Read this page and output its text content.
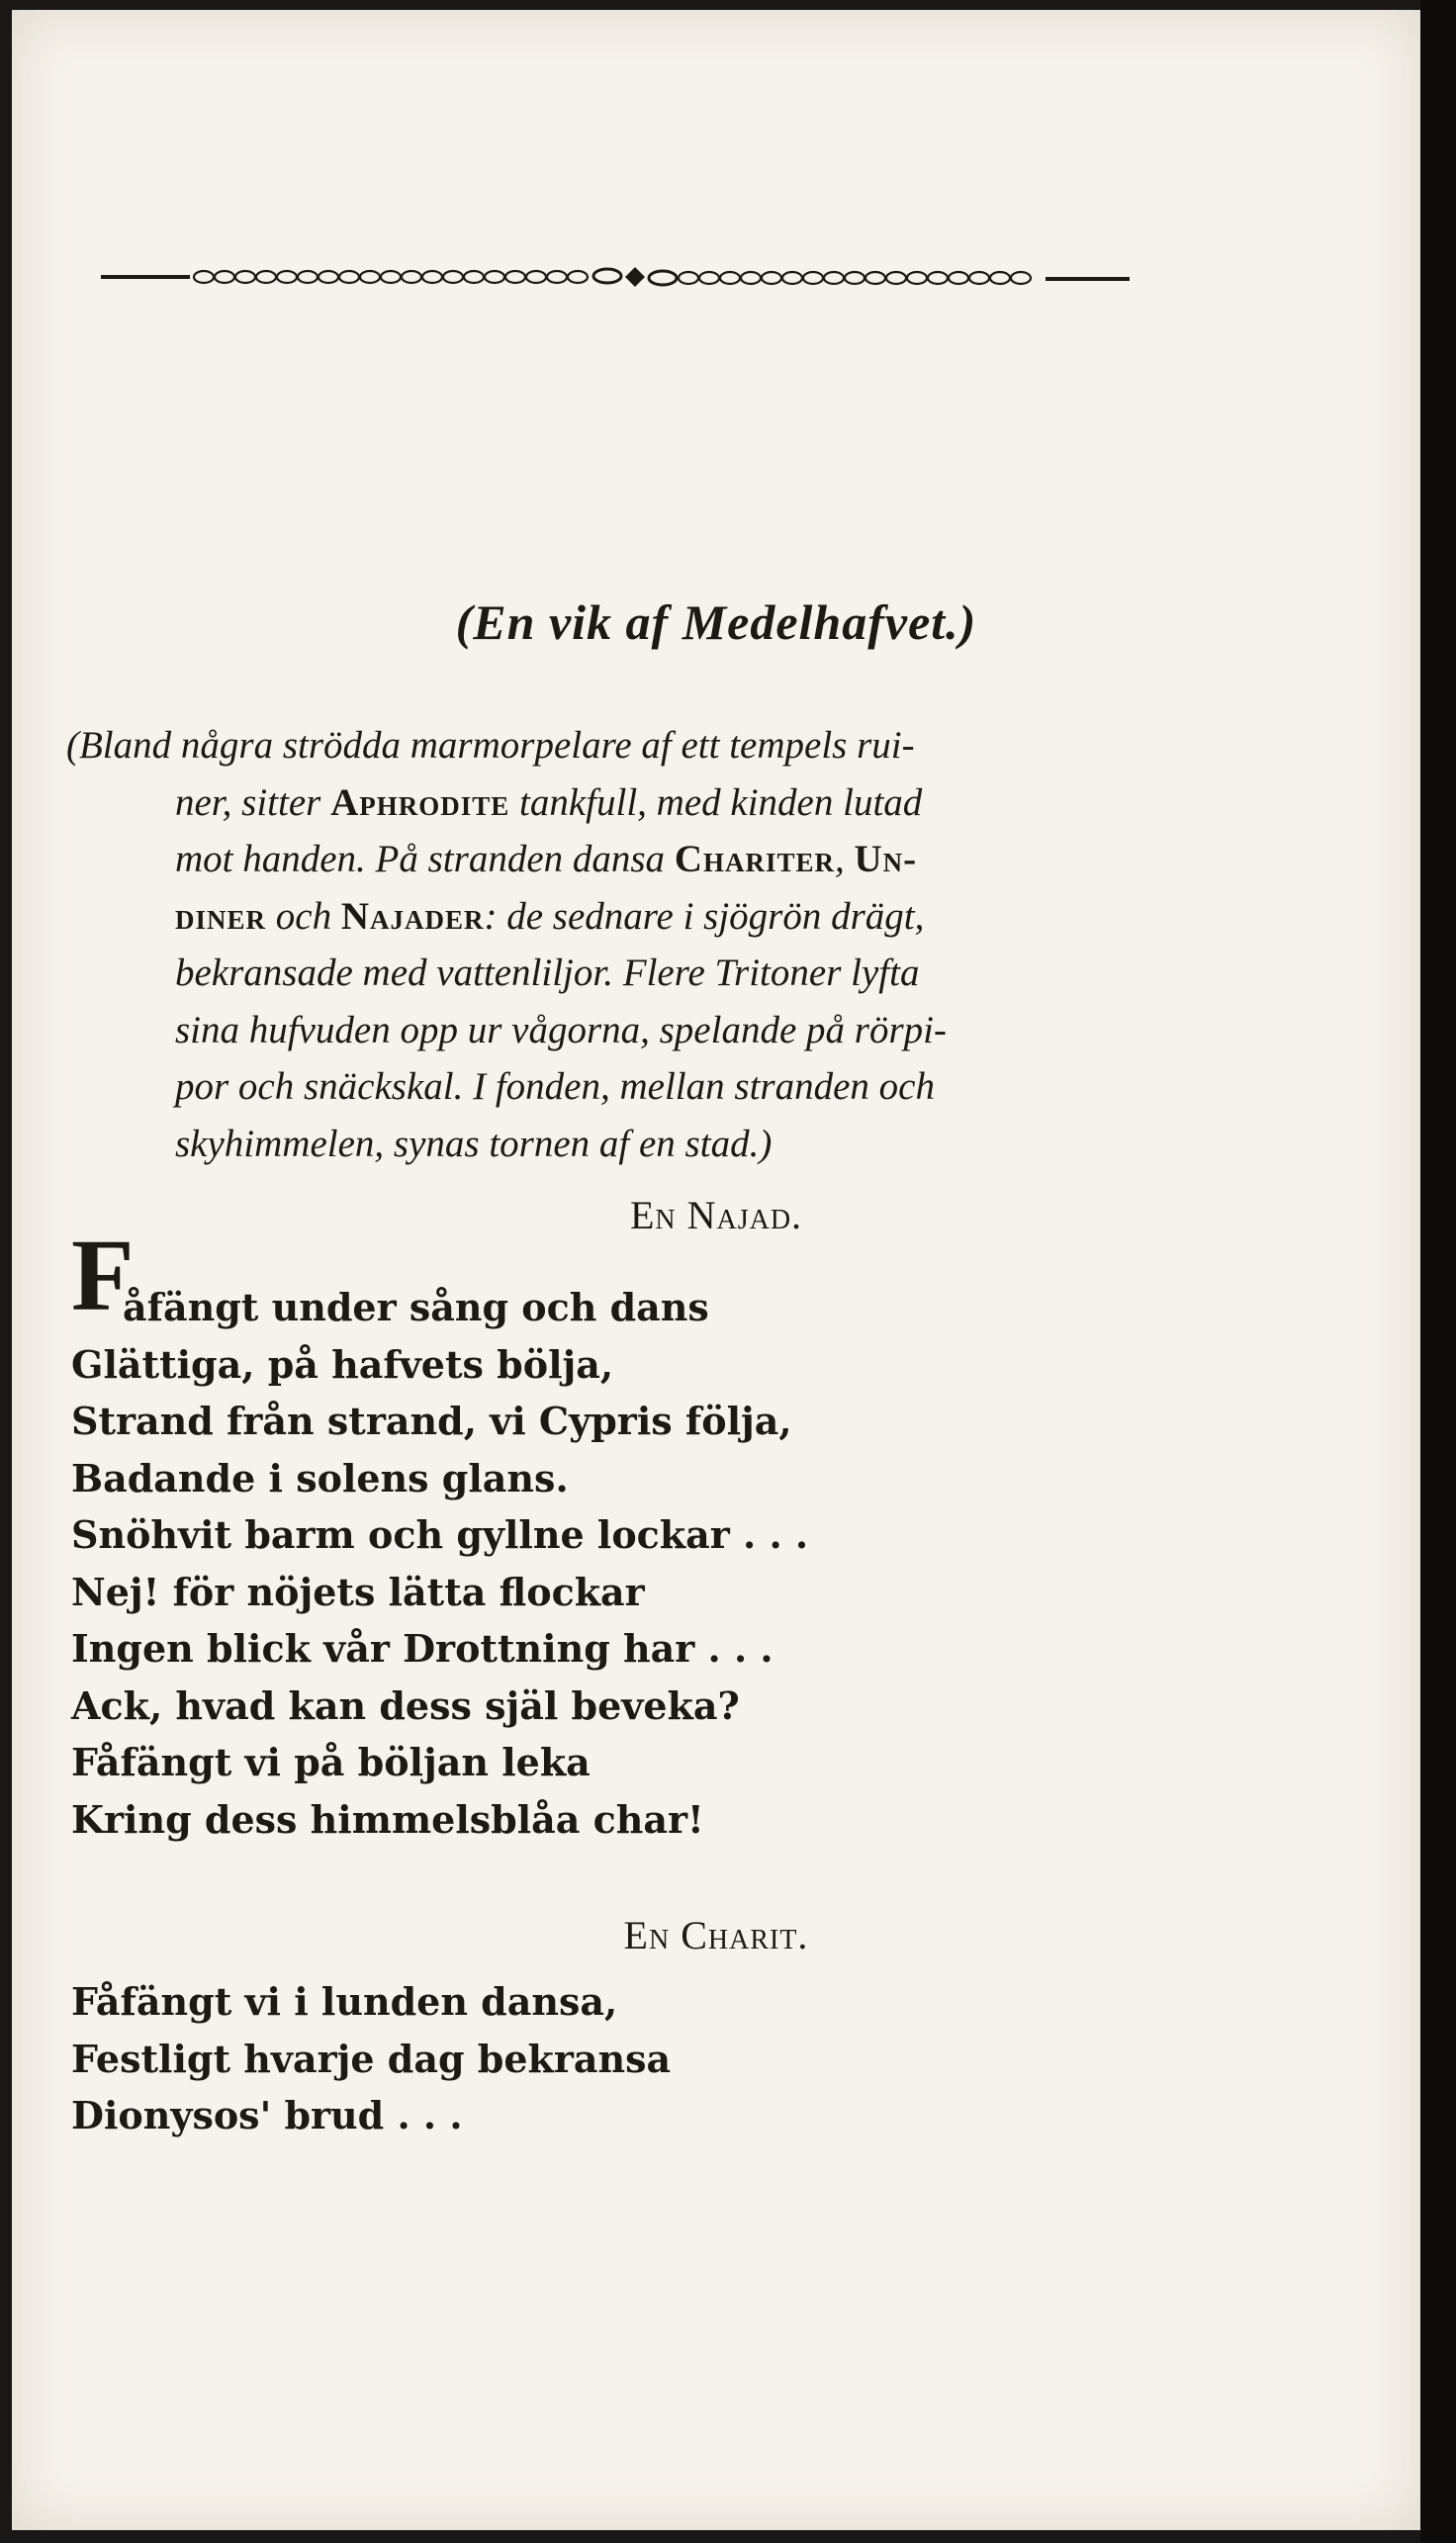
(En vik af Medelhafvet.)
(Bland några strödda marmorpelare af ett tempels rui-
ner, sitter Aphrodite tankfull, med kinden lutad
mot handen. På stranden dansa Chariter, Un-
diner och Najader: de sednare i sjögrön drägt,
bekransade med vattenliljor. Flere Tritoner lyfta
sina hufvuden opp ur vågorna, spelande på rörpi-
por och snäckskal. I fonden, mellan stranden och
skyhimmelen, synas tornen af en stad.)
En Najad.
F
åfängt under sång och dans
Glättiga, på hafvets bölja,
Strand från strand, vi Cypris följa,
Badande i solens glans.
Snöhvit barm och gyllne lockar . . .
Nej! för nöjets lätta flockar
Ingen blick vår Drottning har . . .
Ack, hvad kan dess själ beveka?
Fåfängt vi på böljan leka
Kring dess himmelsblåa char!
En Charit.
Fåfängt vi i lunden dansa,
Festligt hvarje dag bekransa
Dionysos' brud . . .
